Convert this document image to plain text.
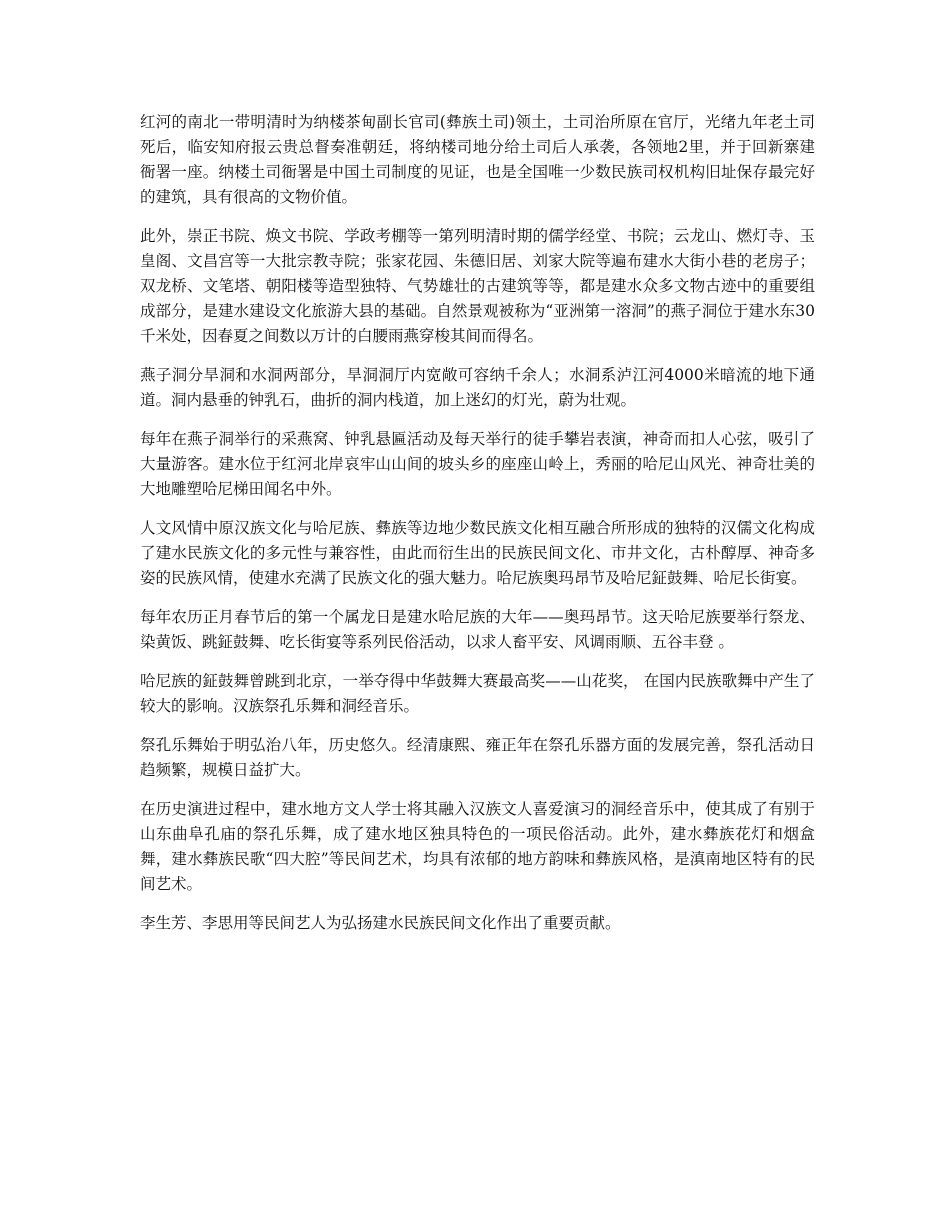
红河的南北一带明清时为纳楼茶甸副长官司(彝族土司)领土，土司治所原在官厅，光绪九年老土司死后，临安知府报云贵总督奏准朝廷，将纳楼司地分给土司后人承袭，各领地2里，并于回新寨建衙署一座。纳楼土司衙署是中国土司制度的见证，也是全国唯一少数民族司权机构旧址保存最完好的建筑，具有很高的文物价值。

此外，崇正书院、焕文书院、学政考棚等一第列明清时期的儒学经堂、书院；云龙山、燃灯寺、玉皇阁、文昌宫等一大批宗教寺院；张家花园、朱德旧居、刘家大院等遍布建水大街小巷的老房子；双龙桥、文笔塔、朝阳楼等造型独特、气势雄壮的古建筑等等，都是建水众多文物古迹中的重要组成部分，是建水建设文化旅游大县的基础。自然景观被称为“亚洲第一溶洞”的燕子洞位于建水东30千米处，因春夏之间数以万计的白腰雨燕穿梭其间而得名。

燕子洞分旱洞和水洞两部分，旱洞洞厅内宽敞可容纳千余人；水洞系泸江河4000米暗流的地下通道。洞内悬垂的钟乳石，曲折的洞内栈道，加上迷幻的灯光，蔚为壮观。

每年在燕子洞举行的采燕窝、钟乳悬匾活动及每天举行的徒手攀岩表演，神奇而扣人心弦，吸引了大量游客。建水位于红河北岸哀牢山山间的坡头乡的座座山岭上，秀丽的哈尼山风光、神奇壮美的大地雕塑哈尼梯田闻名中外。

人文风情中原汉族文化与哈尼族、彝族等边地少数民族文化相互融合所形成的独特的汉儒文化构成了建水民族文化的多元性与兼容性，由此而衍生出的民族民间文化、市井文化，古朴醇厚、神奇多姿的民族风情，使建水充满了民族文化的强大魅力。哈尼族奥玛昂节及哈尼鉦鼓舞、哈尼长街宴。

每年农历正月春节后的第一个属龙日是建水哈尼族的大年——奥玛昂节。这天哈尼族要举行祭龙、染黄饭、跳鉦鼓舞、吃长街宴等系列民俗活动，以求人畜平安、风调雨顺、五谷丰登 。

哈尼族的鉦鼓舞曾跳到北京，一举夺得中华鼓舞大赛最高奖——山花奖， 在国内民族歌舞中产生了较大的影响。汉族祭孔乐舞和洞经音乐。

祭孔乐舞始于明弘治八年，历史悠久。经清康熙、雍正年在祭孔乐器方面的发展完善，祭孔活动日趋频繁，规模日益扩大。

在历史演进过程中，建水地方文人学士将其融入汉族文人喜爱演习的洞经音乐中，使其成了有别于山东曲阜孔庙的祭孔乐舞，成了建水地区独具特色的一项民俗活动。此外，建水彝族花灯和烟盒舞，建水彝族民歌“四大腔”等民间艺术，均具有浓郁的地方韵味和彝族风格，是滇南地区特有的民间艺术。

李生芳、李思用等民间艺人为弘扬建水民族民间文化作出了重要贡献。
